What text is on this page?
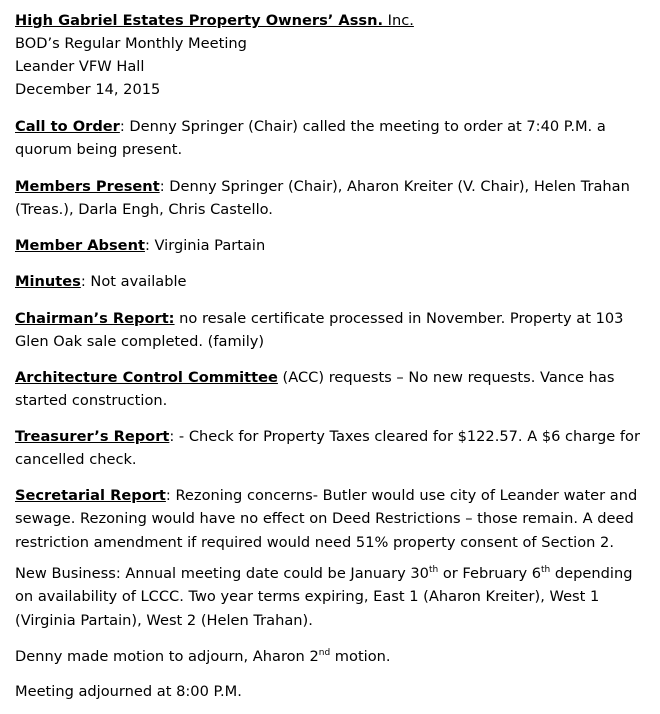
High Gabriel Estates Property Owners’ Assn. Inc.
BOD’s Regular Monthly Meeting
Leander VFW Hall
December 14, 2015
Call to Order: Denny Springer (Chair) called the meeting to order at 7:40 P.M. a quorum being present.
Members Present: Denny Springer (Chair), Aharon Kreiter (V. Chair), Helen Trahan (Treas.), Darla Engh, Chris Castello.
Member Absent: Virginia Partain
Minutes: Not available
Chairman’s Report: no resale certificate processed in November. Property at 103 Glen Oak sale completed. (family)
Architecture Control Committee (ACC) requests – No new requests. Vance has started construction.
Treasurer’s Report: - Check for Property Taxes cleared for $122.57. A $6 charge for cancelled check.
Secretarial Report: Rezoning concerns- Butler would use city of Leander water and sewage. Rezoning would have no effect on Deed Restrictions – those remain. A deed restriction amendment if required would need 51% property consent of Section 2.
New Business: Annual meeting date could be January 30th or February 6th depending on availability of LCCC. Two year terms expiring, East 1 (Aharon Kreiter), West 1 (Virginia Partain), West 2 (Helen Trahan).
Denny made motion to adjourn, Aharon 2nd motion.
Meeting adjourned at 8:00 P.M.
